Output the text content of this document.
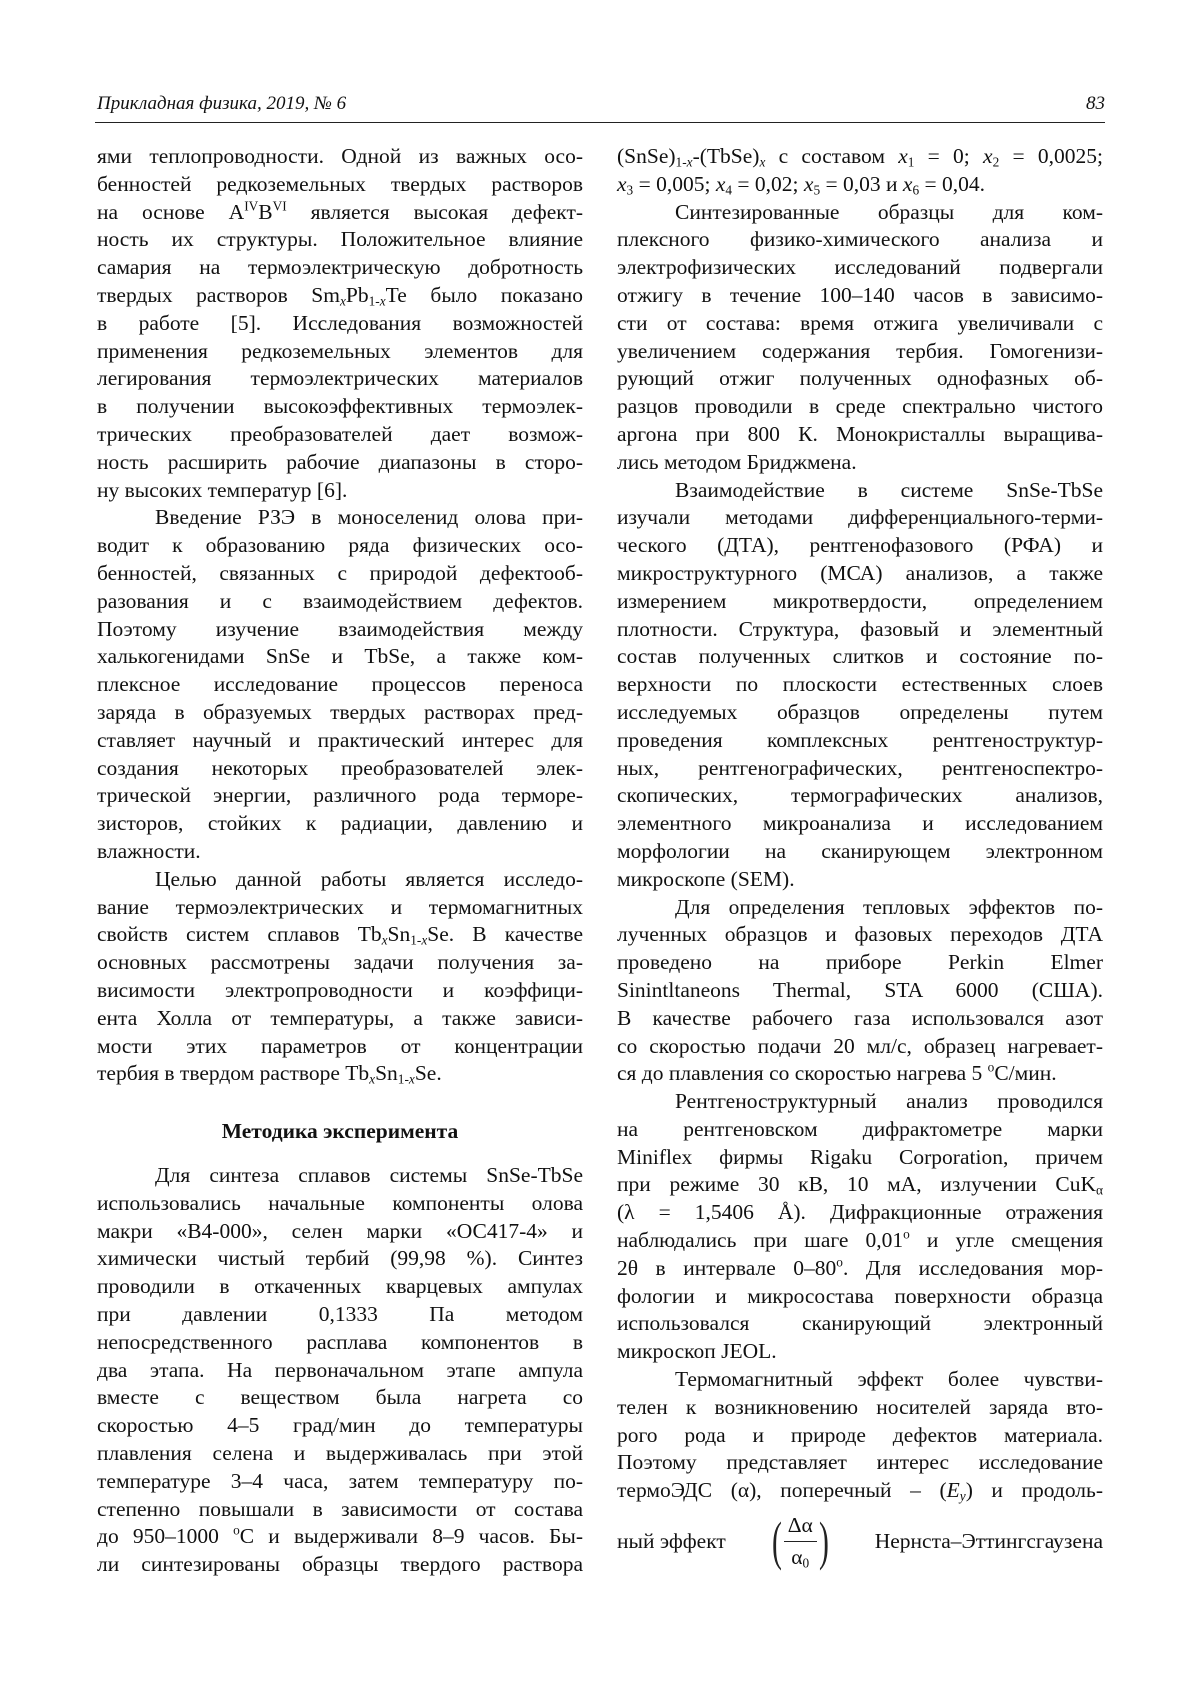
Прикладная физика, 2019, № 6	83
ями теплопроводности. Одной из важных осо-
бенностей редкоземельных твердых растворов
на основе AIVBVI является высокая дефект-
ность их структуры. Положительное влияние
самария на термоэлектрическую добротность
твердых растворов SmxPb1-xTe было показано
в работе [5]. Исследования возможностей
применения редкоземельных элементов для
легирования термоэлектрических материалов
в получении высокоэффективных термоэлек-
трических преобразователей дает возмож-
ность расширить рабочие диапазоны в сторо-
ну высоких температур [6].
Введение РЗЭ в моноселенид олова при-
водит к образованию ряда физических осо-
бенностей, связанных с природой дефектооб-
разования и с взаимодействием дефектов.
Поэтому изучение взаимодействия между
халькогенидами SnSe и TbSe, а также ком-
плексное исследование процессов переноса
заряда в образуемых твердых растворах пред-
ставляет научный и практический интерес для
создания некоторых преобразователей элек-
трической энергии, различного рода терморе-
зисторов, стойких к радиации, давлению и
влажности.
Целью данной работы является исследо-
вание термоэлектрических и термомагнитных
свойств систем сплавов TbxSn1-xSe. В качестве
основных рассмотрены задачи получения за-
висимости электропроводности и коэффици-
ента Холла от температуры, а также зависи-
мости этих параметров от концентрации
тербия в твердом растворе TbxSn1-xSe.
Методика эксперимента
Для синтеза сплавов системы SnSe-TbSe
использовались начальные компоненты олова
макри «В4-000», селен марки «ОС417-4» и
химически чистый тербий (99,98 %). Синтез
проводили в откаченных кварцевых ампулах
при давлении 0,1333 Па методом
непосредственного расплава компонентов в
два этапа. На первоначальном этапе ампула
вместе с веществом была нагрета со
скоростью 4–5 град/мин до температуры
плавления селена и выдерживалась при этой
температуре 3–4 часа, затем температуру по-
степенно повышали в зависимости от состава
до 950–1000 oС и выдерживали 8–9 часов. Бы-
ли синтезированы образцы твердого раствора
(SnSe)1-x-(TbSe)x с составом x1 = 0; x2 = 0,0025;
x3 = 0,005; x4 = 0,02; x5 = 0,03 и x6 = 0,04.
Синтезированные образцы для ком-
плексного физико-химического анализа и
электрофизических исследований подвергали
отжигу в течение 100–140 часов в зависимо-
сти от состава: время отжига увеличивали с
увеличением содержания тербия. Гомогенизи-
рующий отжиг полученных однофазных об-
разцов проводили в среде спектрально чистого
аргона при 800 К. Монокристаллы выращива-
лись методом Бриджмена.
Взаимодействие в системе SnSe-TbSe
изучали методами дифференциального-терми-
ческого (ДТА), рентгенофазового (РФА) и
микроструктурного (МСА) анализов, а также
измерением микротвердости, определением
плотности. Структура, фазовый и элементный
состав полученных слитков и состояние по-
верхности по плоскости естественных слоев
исследуемых образцов определены путем
проведения комплексных рентгеноструктур-
ных, рентгенографических, рентгеноспектро-
скопических, термографических анализов,
элементного микроанализа и исследованием
морфологии на сканирующем электронном
микроскопе (SEM).
Для определения тепловых эффектов по-
лученных образцов и фазовых переходов ДТА
проведено на приборе Perkin Elmer
Sinintltaneons Thermal, STA 6000 (США).
В качестве рабочего газа использовался азот
со скоростью подачи 20 мл/с, образец нагревает-
ся до плавления со скоростью нагрева 5 oС/мин.
Рентгеноструктурный анализ проводился
на рентгеновском дифрактометре марки
Miniflex фирмы Rigaku Corporation, причем
при режиме 30 кВ, 10 мА, излучении CuKα
(λ = 1,5406 Å). Дифракционные отражения
наблюдались при шаге 0,01o и угле смещения
2θ в интервале 0–80o. Для исследования мор-
фологии и микросостава поверхности образца
использовался сканирующий электронный
микроскоп JEOL.
Термомагнитный эффект более чувстви-
телен к возникновению носителей заряда вто-
рого рода и природе дефектов материала.
Поэтому представляет интерес исследование
термоЭДС (α), поперечный – (Ey) и продоль-
ный эффект ( Δα
α0 ) Нернста–Эттингсгаузена
